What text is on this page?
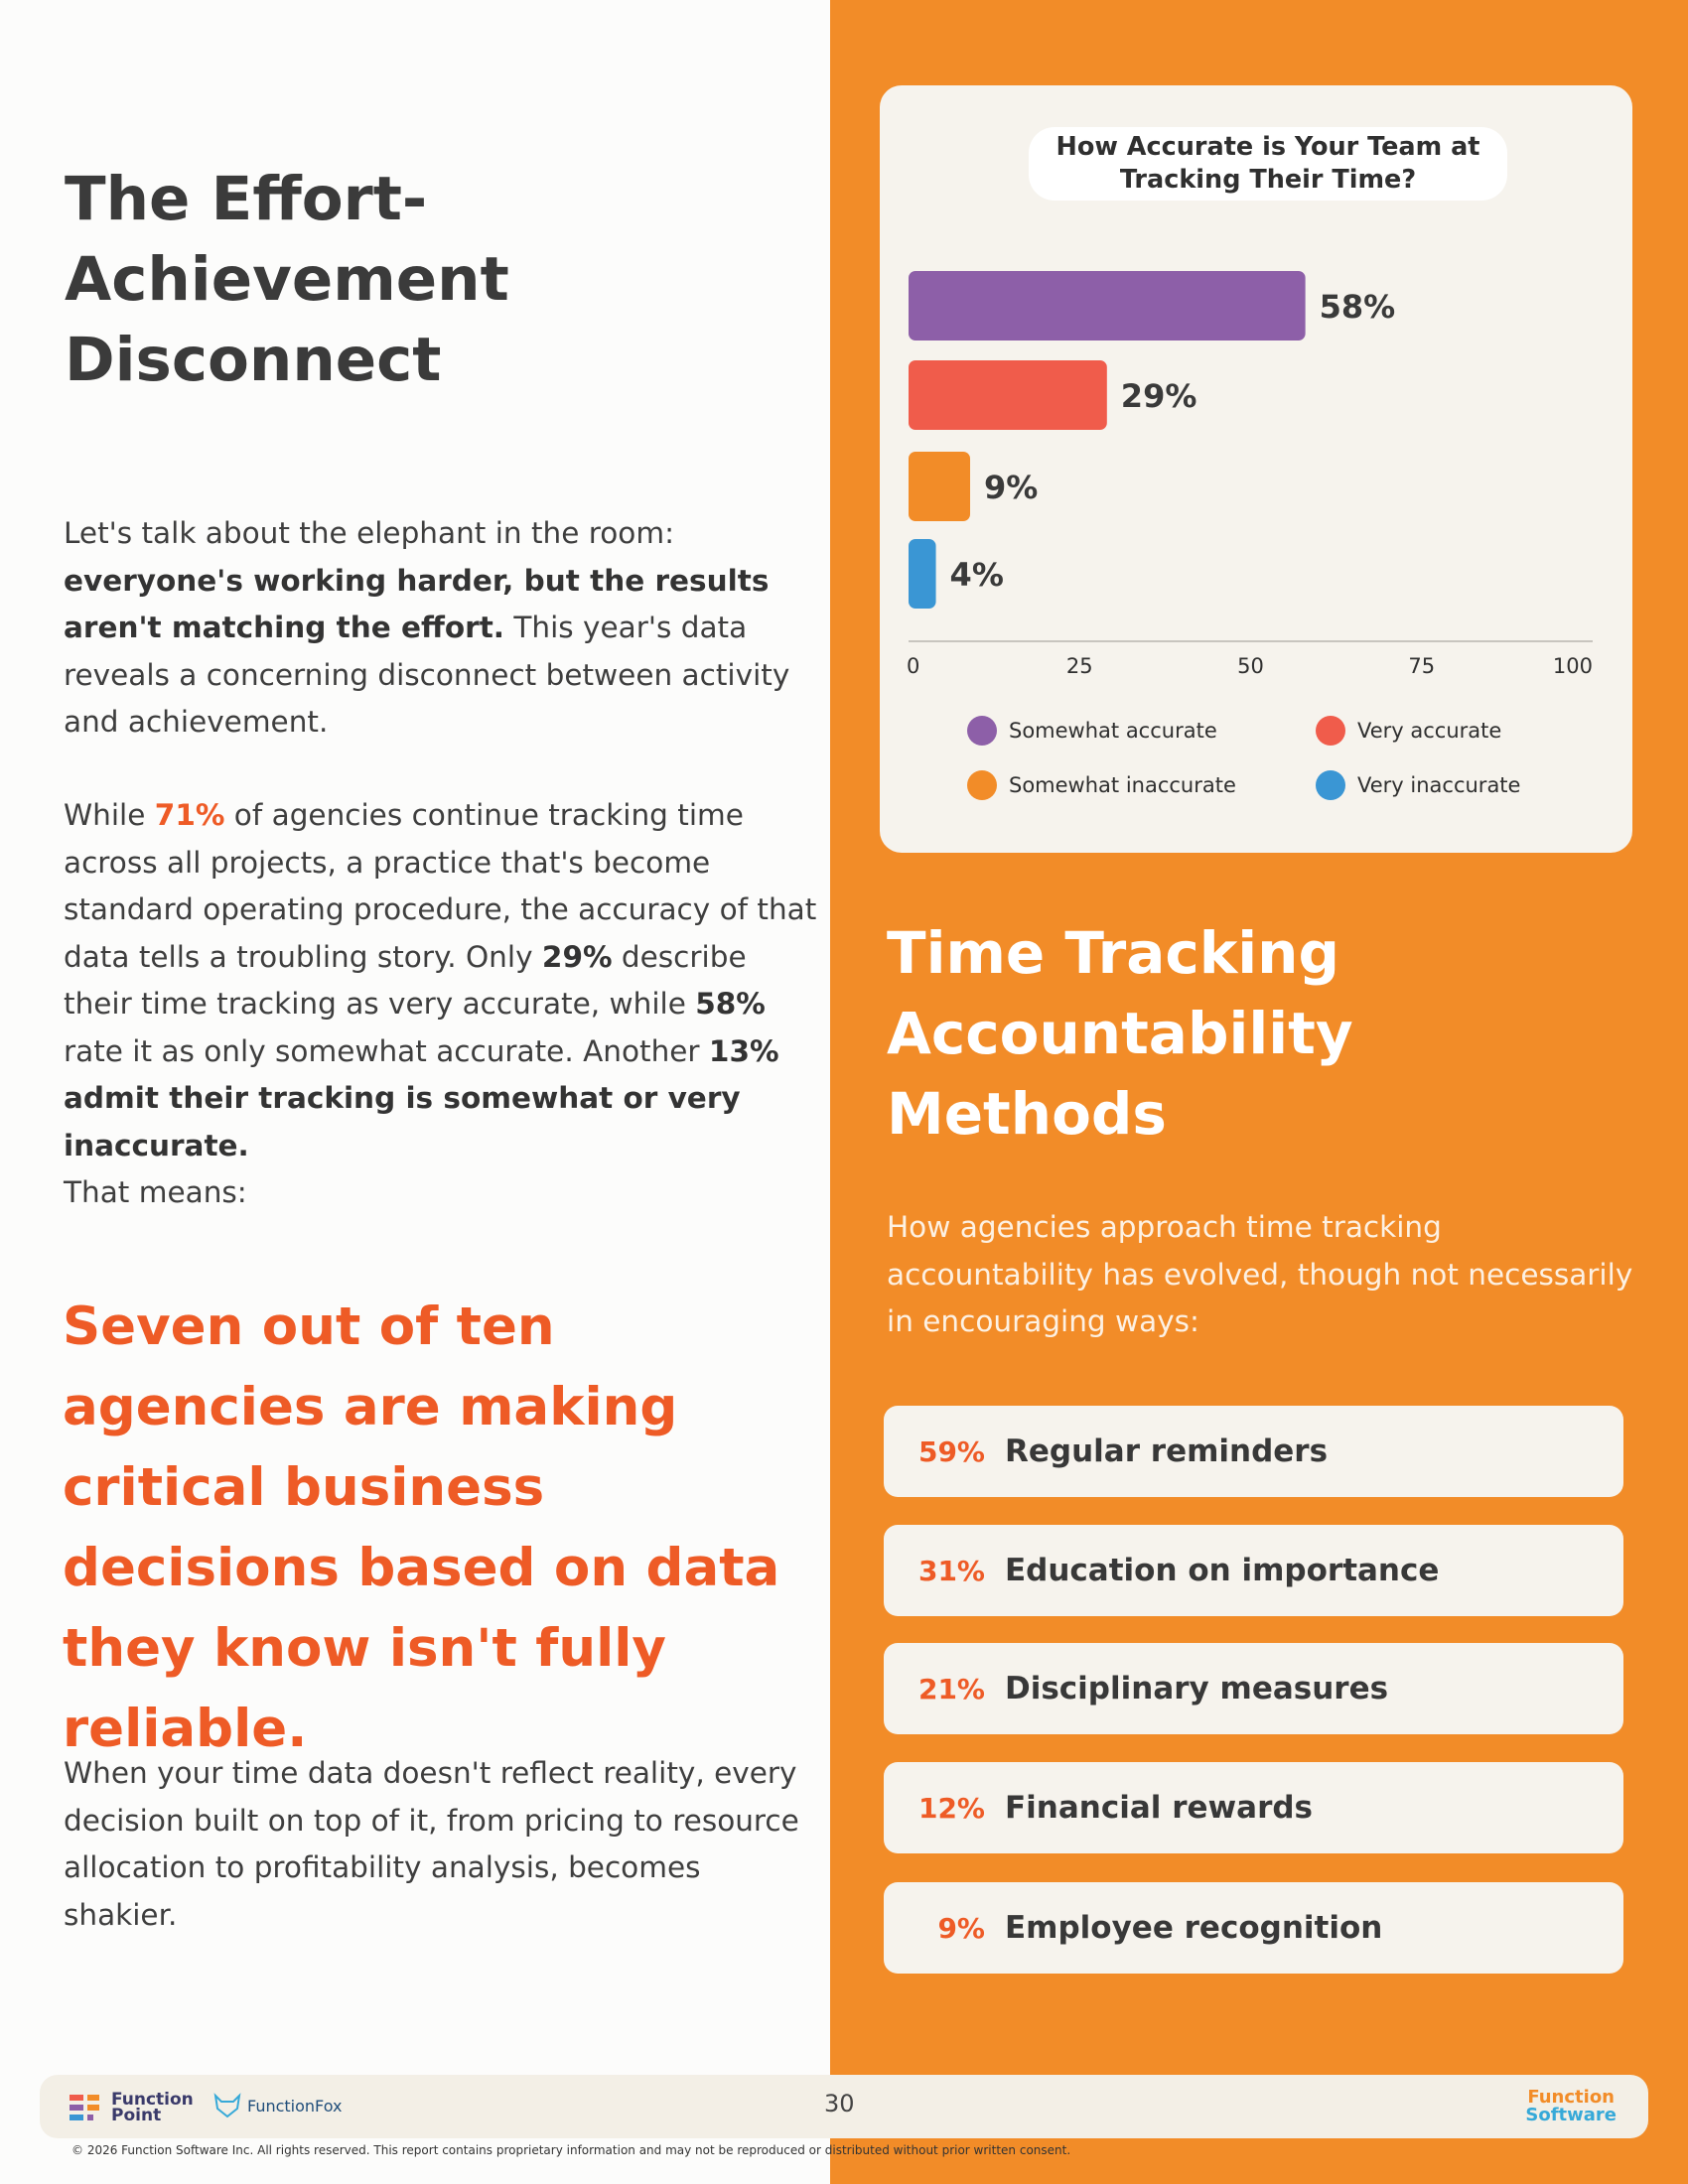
The Effort-Achievement Disconnect

Let's talk about the elephant in the room: everyone's working harder, but the results aren't matching the effort. This year's data reveals a concerning disconnect between activity and achievement.

While 71% of agencies continue tracking time across all projects, a practice that's become standard operating procedure, the accuracy of that data tells a troubling story. Only 29% describe their time tracking as very accurate, while 58% rate it as only somewhat accurate. Another 13% admit their tracking is somewhat or very inaccurate.

That means:

Seven out of ten agencies are making critical business decisions based on data they know isn't fully reliable.

When your time data doesn't reflect reality, every decision built on top of it, from pricing to resource allocation to profitability analysis, becomes shakier.

How Accurate is Your Team at Tracking Their Time?
58%
29%
9%
4%
0	25	50	75	100
Somewhat accurate	Very accurate
Somewhat inaccurate	Very inaccurate
Time Tracking Accountability Methods

How agencies approach time tracking accountability has evolved, though not necessarily in encouraging ways:

59% Regular reminders
31% Education on importance
21% Disciplinary measures
12% Financial rewards
9% Employee recognition
Function
Point	FunctionFox	30	Function
Software
© 2026 Function Software Inc. All rights reserved. This report contains proprietary information and may not be reproduced or distributed without prior written consent.
